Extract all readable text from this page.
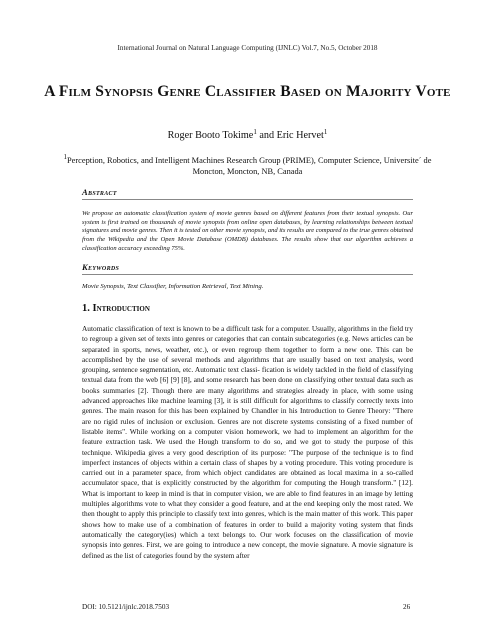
International Journal on Natural Language Computing (IJNLC) Vol.7, No.5, October 2018
A Film Synopsis Genre Classifier Based on Majority Vote
Roger Booto Tokime$^1$ and Eric Hervet$^1$
$^1$Perception, Robotics, and Intelligent Machines Research Group (PRIME), Computer Science, Universite´ de Moncton, Moncton, NB, Canada
Abstract
We propose an automatic classification system of movie genres based on different features from their textual synopsis. Our system is first trained on thousands of movie synopsis from online open databases, by learning relationships between textual signatures and movie genres. Then it is tested on other movie synopsis, and its results are compared to the true genres obtained from the Wikipedia and the Open Movie Database (OMDB) databases. The results show that our algorithm achieves a classification accuracy exceeding 75%.
Keywords
Movie Synopsis, Text Classifier, Information Retrieval, Text Mining.
1. Introduction
Automatic classification of text is known to be a difficult task for a computer. Usually, algorithms in the field try to regroup a given set of texts into genres or categories that can contain subcategories (e.g. News articles can be separated in sports, news, weather, etc.), or even regroup them together to form a new one. This can be accomplished by the use of several methods and algorithms that are usually based on text analysis, word grouping, sentence segmentation, etc. Automatic text classi- fication is widely tackled in the field of classifying textual data from the web [6] [9] [8], and some research has been done on classifying other textual data such as books summaries [2]. Though there are many algorithms and strategies already in place, with some using advanced approaches like machine learning [3], it is still difficult for algorithms to classify correctly texts into genres. The main reason for this has been explained by Chandler in his Introduction to Genre Theory: "There are no rigid rules of inclusion or exclusion. Genres are not discrete systems consisting of a fixed number of listable items". While working on a computer vision homework, we had to implement an algorithm for the feature extraction task. We used the Hough transform to do so, and we got to study the purpose of this technique. Wikipedia gives a very good description of its purpose: "The purpose of the technique is to find imperfect instances of objects within a certain class of shapes by a voting procedure. This voting procedure is carried out in a parameter space, from which object candidates are obtained as local maxima in a so-called accumulator space, that is explicitly constructed by the algorithm for computing the Hough transform." [12]. What is important to keep in mind is that in computer vision, we are able to find features in an image by letting multiples algorithms vote to what they consider a good feature, and at the end keeping only the most rated. We then thought to apply this principle to classify text into genres, which is the main matter of this work. This paper shows how to make use of a combination of features in order to build a majority voting system that finds automatically the category(ies) which a text belongs to. Our work focuses on the classification of movie synopsis into genres. First, we are going to introduce a new concept, the movie signature. A movie signature is defined as the list of categories found by the system after
DOI: 10.5121/ijnlc.2018.7503	26
